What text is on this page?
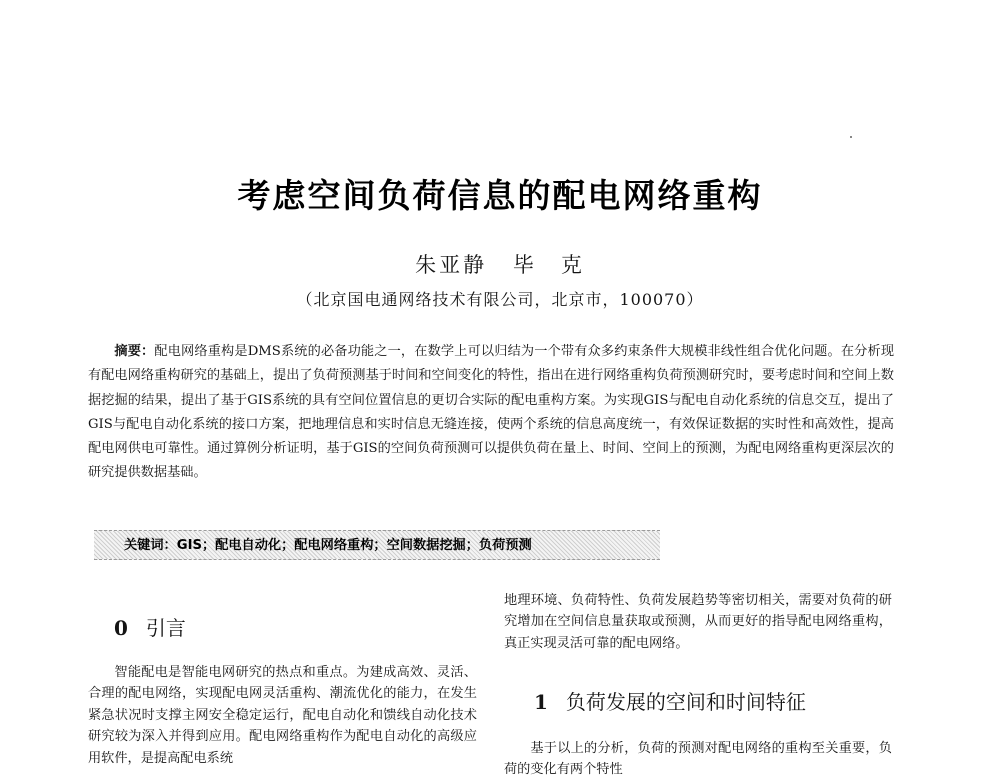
考虑空间负荷信息的配电网络重构
朱亚静 毕　克
（北京国电通网络技术有限公司，北京市，100070）
摘要：配电网络重构是DMS系统的必备功能之一，在数学上可以归结为一个带有众多约束条件大规模非线性组合优化问题。在分析现有配电网络重构研究的基础上，提出了负荷预测基于时间和空间变化的特性，指出在进行网络重构负荷预测研究时，要考虑时间和空间上数据挖掘的结果，提出了基于GIS系统的具有空间位置信息的更切合实际的配电重构方案。为实现GIS与配电自动化系统的信息交互，提出了GIS与配电自动化系统的接口方案，把地理信息和实时信息无缝连接，使两个系统的信息高度统一，有效保证数据的实时性和高效性，提高配电网供电可靠性。通过算例分析证明，基于GIS的空间负荷预测可以提供负荷在量上、时间、空间上的预测，为配电网络重构更深层次的研究提供数据基础。
关键词：GIS；配电自动化；配电网络重构；空间数据挖掘；负荷预测
0 引言
智能配电是智能电网研究的热点和重点。为建成高效、灵活、合理的配电网络，实现配电网灵活重构、潮流优化的能力，在发生紧急状况时支撑主网安全稳定运行，配电自动化和馈线自动化技术研究较为深入并得到应用。配电网络重构作为配电自动化的高级应用软件，是提高配电系统
地理环境、负荷特性、负荷发展趋势等密切相关，需要对负荷的研究增加在空间信息量获取或预测，从而更好的指导配电网络重构，真正实现灵活可靠的配电网络。
1 负荷发展的空间和时间特征
基于以上的分析，负荷的预测对配电网络的重构至关重要，负荷的变化有两个特性
